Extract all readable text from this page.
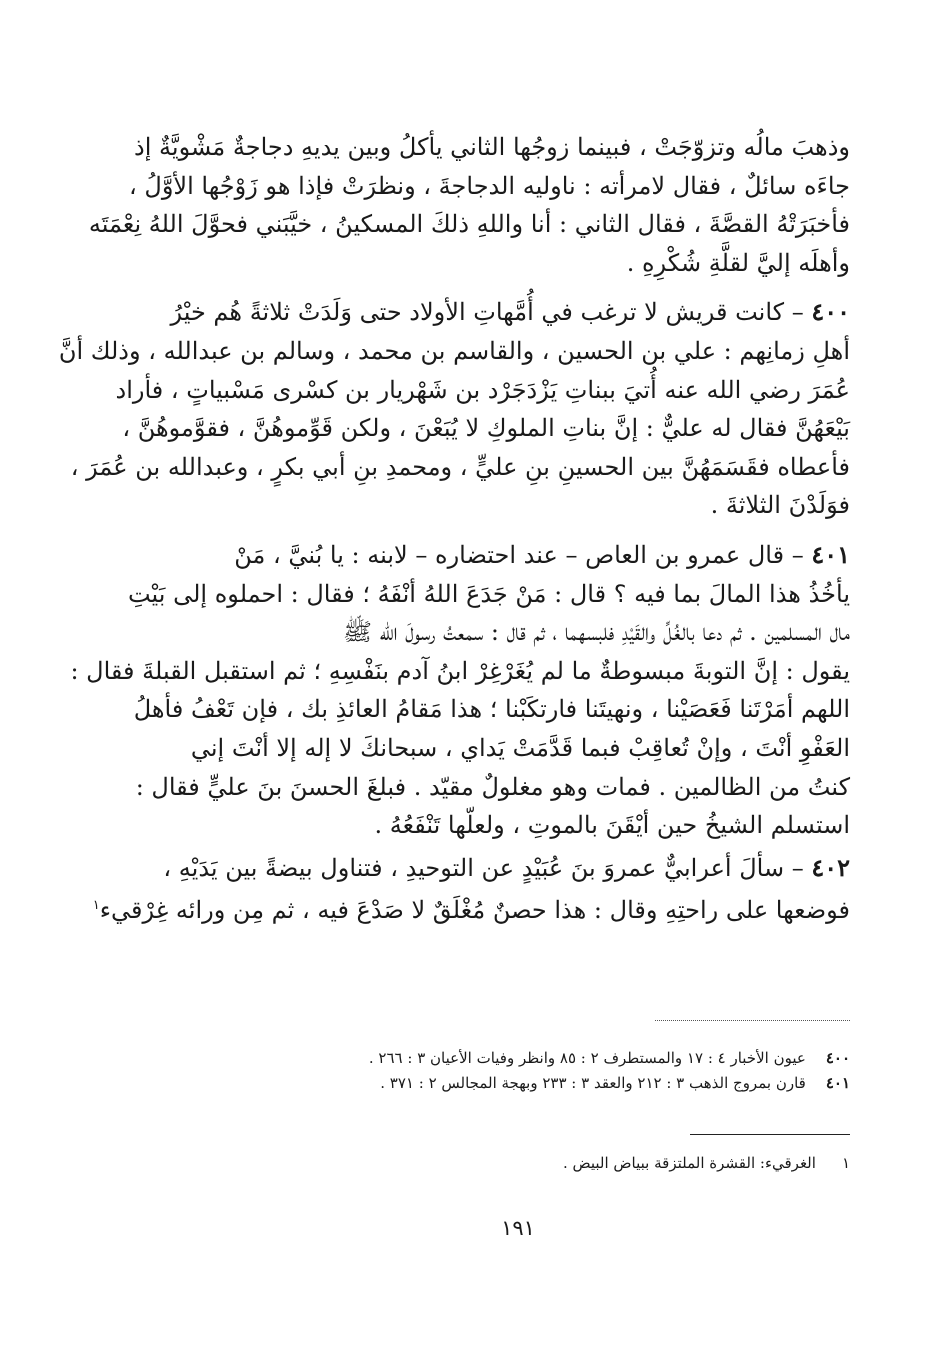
وذهبَ مالُه وتزوّجَتْ ، فبينما زوجُها الثاني يأكلُ وبين يديهِ دجاجةٌ مَشْويَّةٌ إذ
جاءَه سائلٌ ، فقال لامرأته : ناوليه الدجاجةَ ، ونظرَتْ فإذا هو زَوْجُها الأوَّلُ ،
فأخبَرَتْهُ القصَّةَ ، فقال الثاني : أنا واللهِ ذلكَ المسكينُ ، خيَّبَني فحوَّلَ اللهُ نِعْمَتَه
وأهلَه إليَّ لقلَّةِ شُكْرِهِ .
٤٠٠ – كانت قريش لا ترغب في أُمَّهاتِ الأولاد حتى وَلَدَتْ ثلاثةً هُم خيْرُ
أهلِ زمانِهم : علي بن الحسين ، والقاسم بن محمد ، وسالم بن عبدالله ، وذلك أنَّ
عُمَرَ رضي الله عنه أُتيَ ببناتِ يَزْدَجَرْد بن شَهْريار بن كسْرى مَسْبياتٍ ، فأراد
بَيْعَهُنَّ فقال له عليٌّ : إنَّ بناتِ الملوكِ لا يُبَعْنَ ، ولكن قَوِّموهُنَّ ، فقوَّموهُنَّ ،
فأعطاه فقَسَمَهُنَّ بين الحسينِ بنِ عليٍّ ، ومحمدِ بنِ أبي بكرٍ ، وعبدالله بن عُمَرَ ،
فوَلَدْنَ الثلاثةَ .
٤٠١ – قال عمرو بن العاص – عند احتضاره – لابنه : يا بُنيَّ ، مَنْ
يأخُذُ هذا المالَ بما فيه ؟ قال : مَنْ جَدَعَ اللهُ أنْفَهُ ؛ فقال : احملوه إلى بَيْتِ
مال المسلمين . ثم دعا بالغُلِّ والقَيْدِ فلبسهما ، ثم قال : سمعتُ رسولَ الله ﷺ
يقول : إنَّ التوبةَ مبسوطةٌ ما لم يُغَرْغِرْ ابنُ آدم بنَفْسِهِ ؛ ثم استقبل القبلةَ فقال :
اللهم أمَرْتَنا فَعَصَيْنا ، ونهيتَنا فارتكَبْنا ؛ هذا مَقامُ العائذِ بك ، فإن تَعْفُ فأهلُ
العَفْوِ أنْتَ ، وإنْ تُعاقِبْ فبما قَدَّمَتْ يَداي ، سبحانكَ لا إله إلا أنْتَ إني
كنتُ من الظالمين . فمات وهو مغلولٌ مقيّد . فبلغَ الحسنَ بنَ عليٍّ فقال :
استسلم الشيخُ حين أيْقَنَ بالموتِ ، ولعلّها تَنْفَعُهُ .
٤٠٢ – سألَ أعرابيٌّ عمروَ بنَ عُبَيْدٍ عن التوحيدِ ، فتناول بيضةً بين يَدَيْهِ ،
فوضعها على راحتِهِ وقال : هذا حصنٌ مُغْلَقٌ لا صَدْعَ فيه ، ثم مِن ورائه غِرْقيء$^١$
٤٠٠عيون الأخبار ٤ : ١٧ والمستطرف ٢ : ٨٥ وانظر وفيات الأعيان ٣ : ٢٦٦ .
٤٠١قارن بمروج الذهب ٣ : ٢١٢ والعقد ٣ : ٢٣٣ وبهجة المجالس ٢ : ٣٧١ .
١الغرقيء: القشرة الملتزقة ببياض البيض .
١٩١
